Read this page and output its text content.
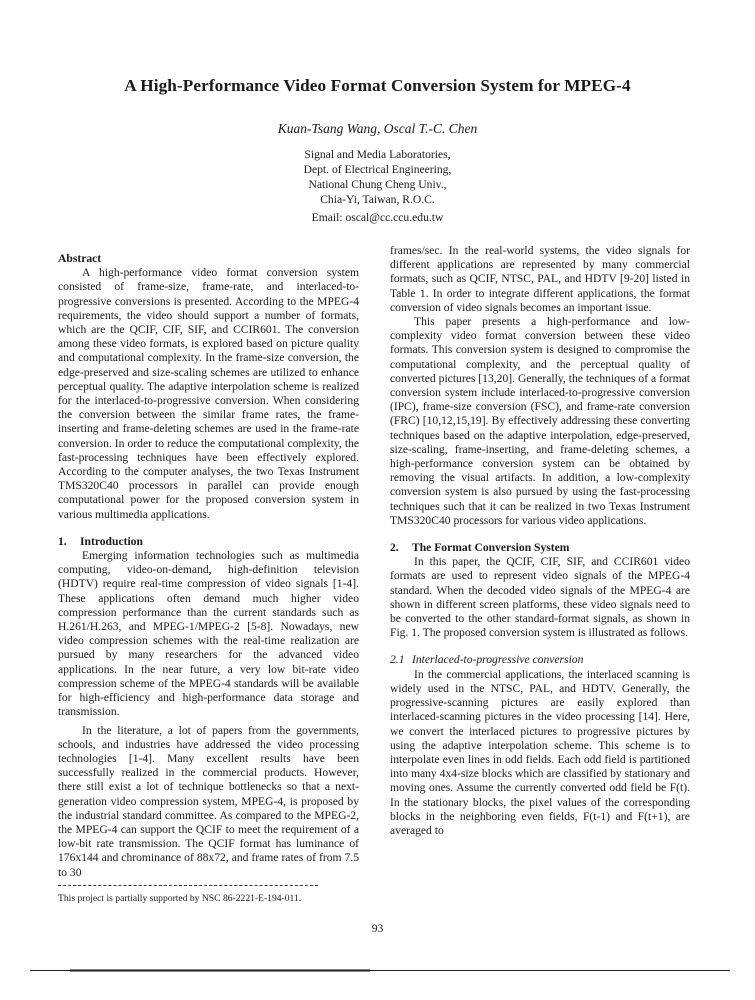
A High-Performance Video Format Conversion System for MPEG-4
Kuan-Tsang Wang, Oscal T.-C. Chen
Signal and Media Laboratories,
Dept. of Electrical Engineering,
National Chung Cheng Univ.,
Chia-Yi, Taiwan, R.O.C.
Email: oscal@cc.ccu.edu.tw
Abstract

A high-performance video format conversion system consisted of frame-size, frame-rate, and interlaced-to-progressive conversions is presented. According to the MPEG-4 requirements, the video should support a number of formats, which are the QCIF, CIF, SIF, and CCIR601. The conversion among these video formats, is explored based on picture quality and computational complexity. In the frame-size conversion, the edge-preserved and size-scaling schemes are utilized to enhance perceptual quality. The adaptive interpolation scheme is realized for the interlaced-to-progressive conversion. When considering the conversion between the similar frame rates, the frame-inserting and frame-deleting schemes are used in the frame-rate conversion. In order to reduce the computational complexity, the fast-processing techniques have been effectively explored. According to the computer analyses, the two Texas Instrument TMS320C40 processors in parallel can provide enough computational power for the proposed conversion system in various multimedia applications.

1. Introduction

Emerging information technologies such as multimedia computing, video-on-demand, high-definition television (HDTV) require real-time compression of video signals [1-4]. These applications often demand much higher video compression performance than the current standards such as H.261/H.263, and MPEG-1/MPEG-2 [5-8]. Nowadays, new video compression schemes with the real-time realization are pursued by many researchers for the advanced video applications. In the near future, a very low bit-rate video compression scheme of the MPEG-4 standards will be available for high-efficiency and high-performance data storage and transmission.

In the literature, a lot of papers from the governments, schools, and industries have addressed the video processing technologies [1-4]. Many excellent results have been successfully realized in the commercial products. However, there still exist a lot of technique bottlenecks so that a next-generation video compression system, MPEG-4, is proposed by the industrial standard committee. As compared to the MPEG-2, the MPEG-4 can support the QCIF to meet the requirement of a low-bit rate transmission. The QCIF format has luminance of 176x144 and chrominance of 88x72, and frame rates of from 7.5 to 30

frames/sec. In the real-world systems, the video signals for different applications are represented by many commercial formats, such as QCIF, NTSC, PAL, and HDTV [9-20] listed in Table 1. In order to integrate different applications, the format conversion of video signals becomes an important issue.

This paper presents a high-performance and low-complexity video format conversion between these video formats. This conversion system is designed to compromise the computational complexity, and the perceptual quality of converted pictures [13,20]. Generally, the techniques of a format conversion system include interlaced-to-progressive conversion (IPC), frame-size conversion (FSC), and frame-rate conversion (FRC) [10,12,15,19]. By effectively addressing these converting techniques based on the adaptive interpolation, edge-preserved, size-scaling, frame-inserting, and frame-deleting schemes, a high-performance conversion system can be obtained by removing the visual artifacts. In addition, a low-complexity conversion system is also pursued by using the fast-processing techniques such that it can be realized in two Texas Instrument TMS320C40 processors for various video applications.

2. The Format Conversion System

In this paper, the QCIF, CIF, SIF, and CCIR601 video formats are used to represent video signals of the MPEG-4 standard. When the decoded video signals of the MPEG-4 are shown in different screen platforms, these video signals need to be converted to the other standard-format signals, as shown in Fig. 1. The proposed conversion system is illustrated as follows.

2.1 Interlaced-to-progressive conversion

In the commercial applications, the interlaced scanning is widely used in the NTSC, PAL, and HDTV. Generally, the progressive-scanning pictures are easily explored than interlaced-scanning pictures in the video processing [14]. Here, we convert the interlaced pictures to progressive pictures by using the adaptive interpolation scheme. This scheme is to interpolate even lines in odd fields. Each odd field is partitioned into many 4x4-size blocks which are classified by stationary and moving ones. Assume the currently converted odd field be F(t). In the stationary blocks, the pixel values of the corresponding blocks in the neighboring even fields, F(t-1) and F(t+1), are averaged to

This project is partially supported by NSC 86-2221-E-194-011.
93
